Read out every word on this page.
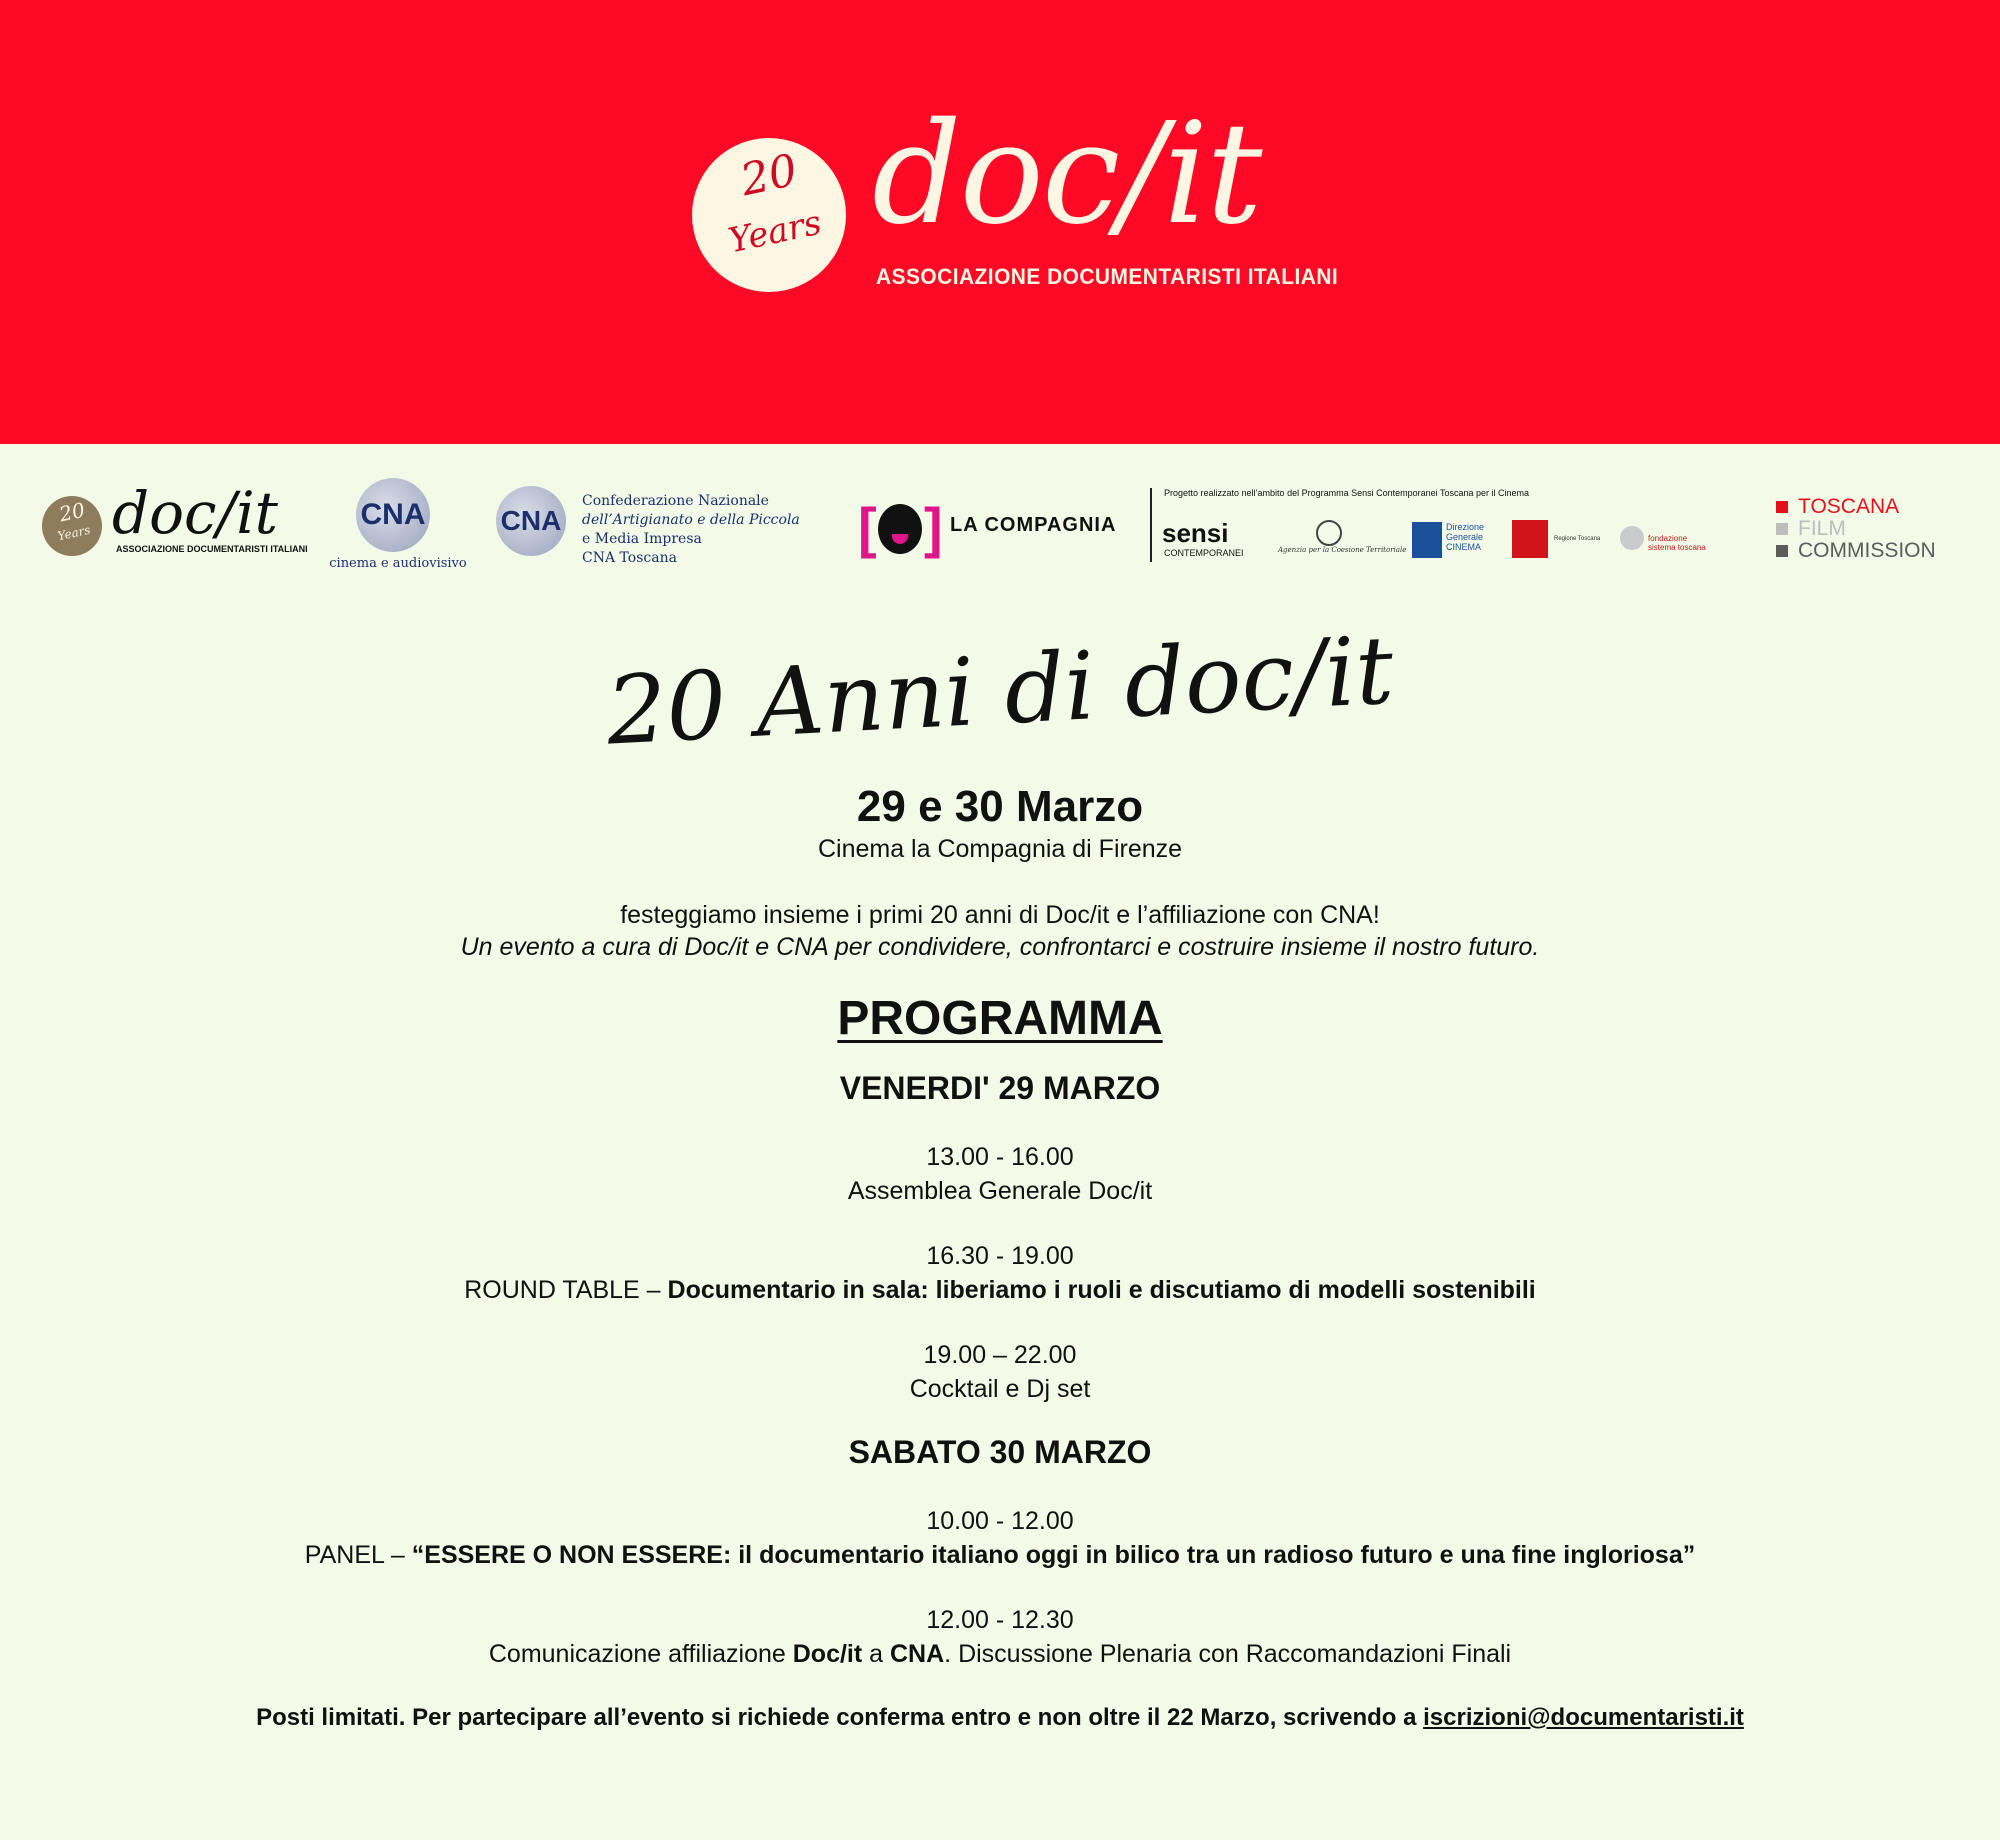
20
Years doc/it
ASSOCIAZIONE DOCUMENTARISTI ITALIANI
20
Years doc/it
ASSOCIAZIONE DOCUMENTARISTI ITALIANI
CNA
cinema e audiovisivo
CNA
Confederazione Nazionale
dell’Artigianato e della Piccola
e Media Impresa
CNA Toscana	[ ] LA COMPAGNIA
Progetto realizzato nell’ambito del Programma Sensi Contemporanei Toscana per il Cinema
sensi
CONTEMPORANEI	Agenzia per la Coesione Territoriale
Direzione
Generale
CINEMA
Regione Toscana	fondazione
sistema toscana
TOSCANA
FILM
COMMISSION
20 Anni di doc/it
29 e 30 Marzo
Cinema la Compagnia di Firenze
festeggiamo insieme i primi 20 anni di Doc/it e l’affiliazione con CNA!
Un evento a cura di Doc/it e CNA per condividere, confrontarci e costruire insieme il nostro futuro.
PROGRAMMA
VENERDI' 29 MARZO
13.00 - 16.00
Assemblea Generale Doc/it
16.30 - 19.00
ROUND TABLE – Documentario in sala: liberiamo i ruoli e discutiamo di modelli sostenibili
19.00 – 22.00
Cocktail e Dj set
SABATO 30 MARZO
10.00 - 12.00
PANEL – “ESSERE O NON ESSERE: il documentario italiano oggi in bilico tra un radioso futuro e una fine ingloriosa”
12.00 - 12.30
Comunicazione affiliazione Doc/it a CNA. Discussione Plenaria con Raccomandazioni Finali
Posti limitati. Per partecipare all’evento si richiede conferma entro e non oltre il 22 Marzo, scrivendo a iscrizioni@documentaristi.it
